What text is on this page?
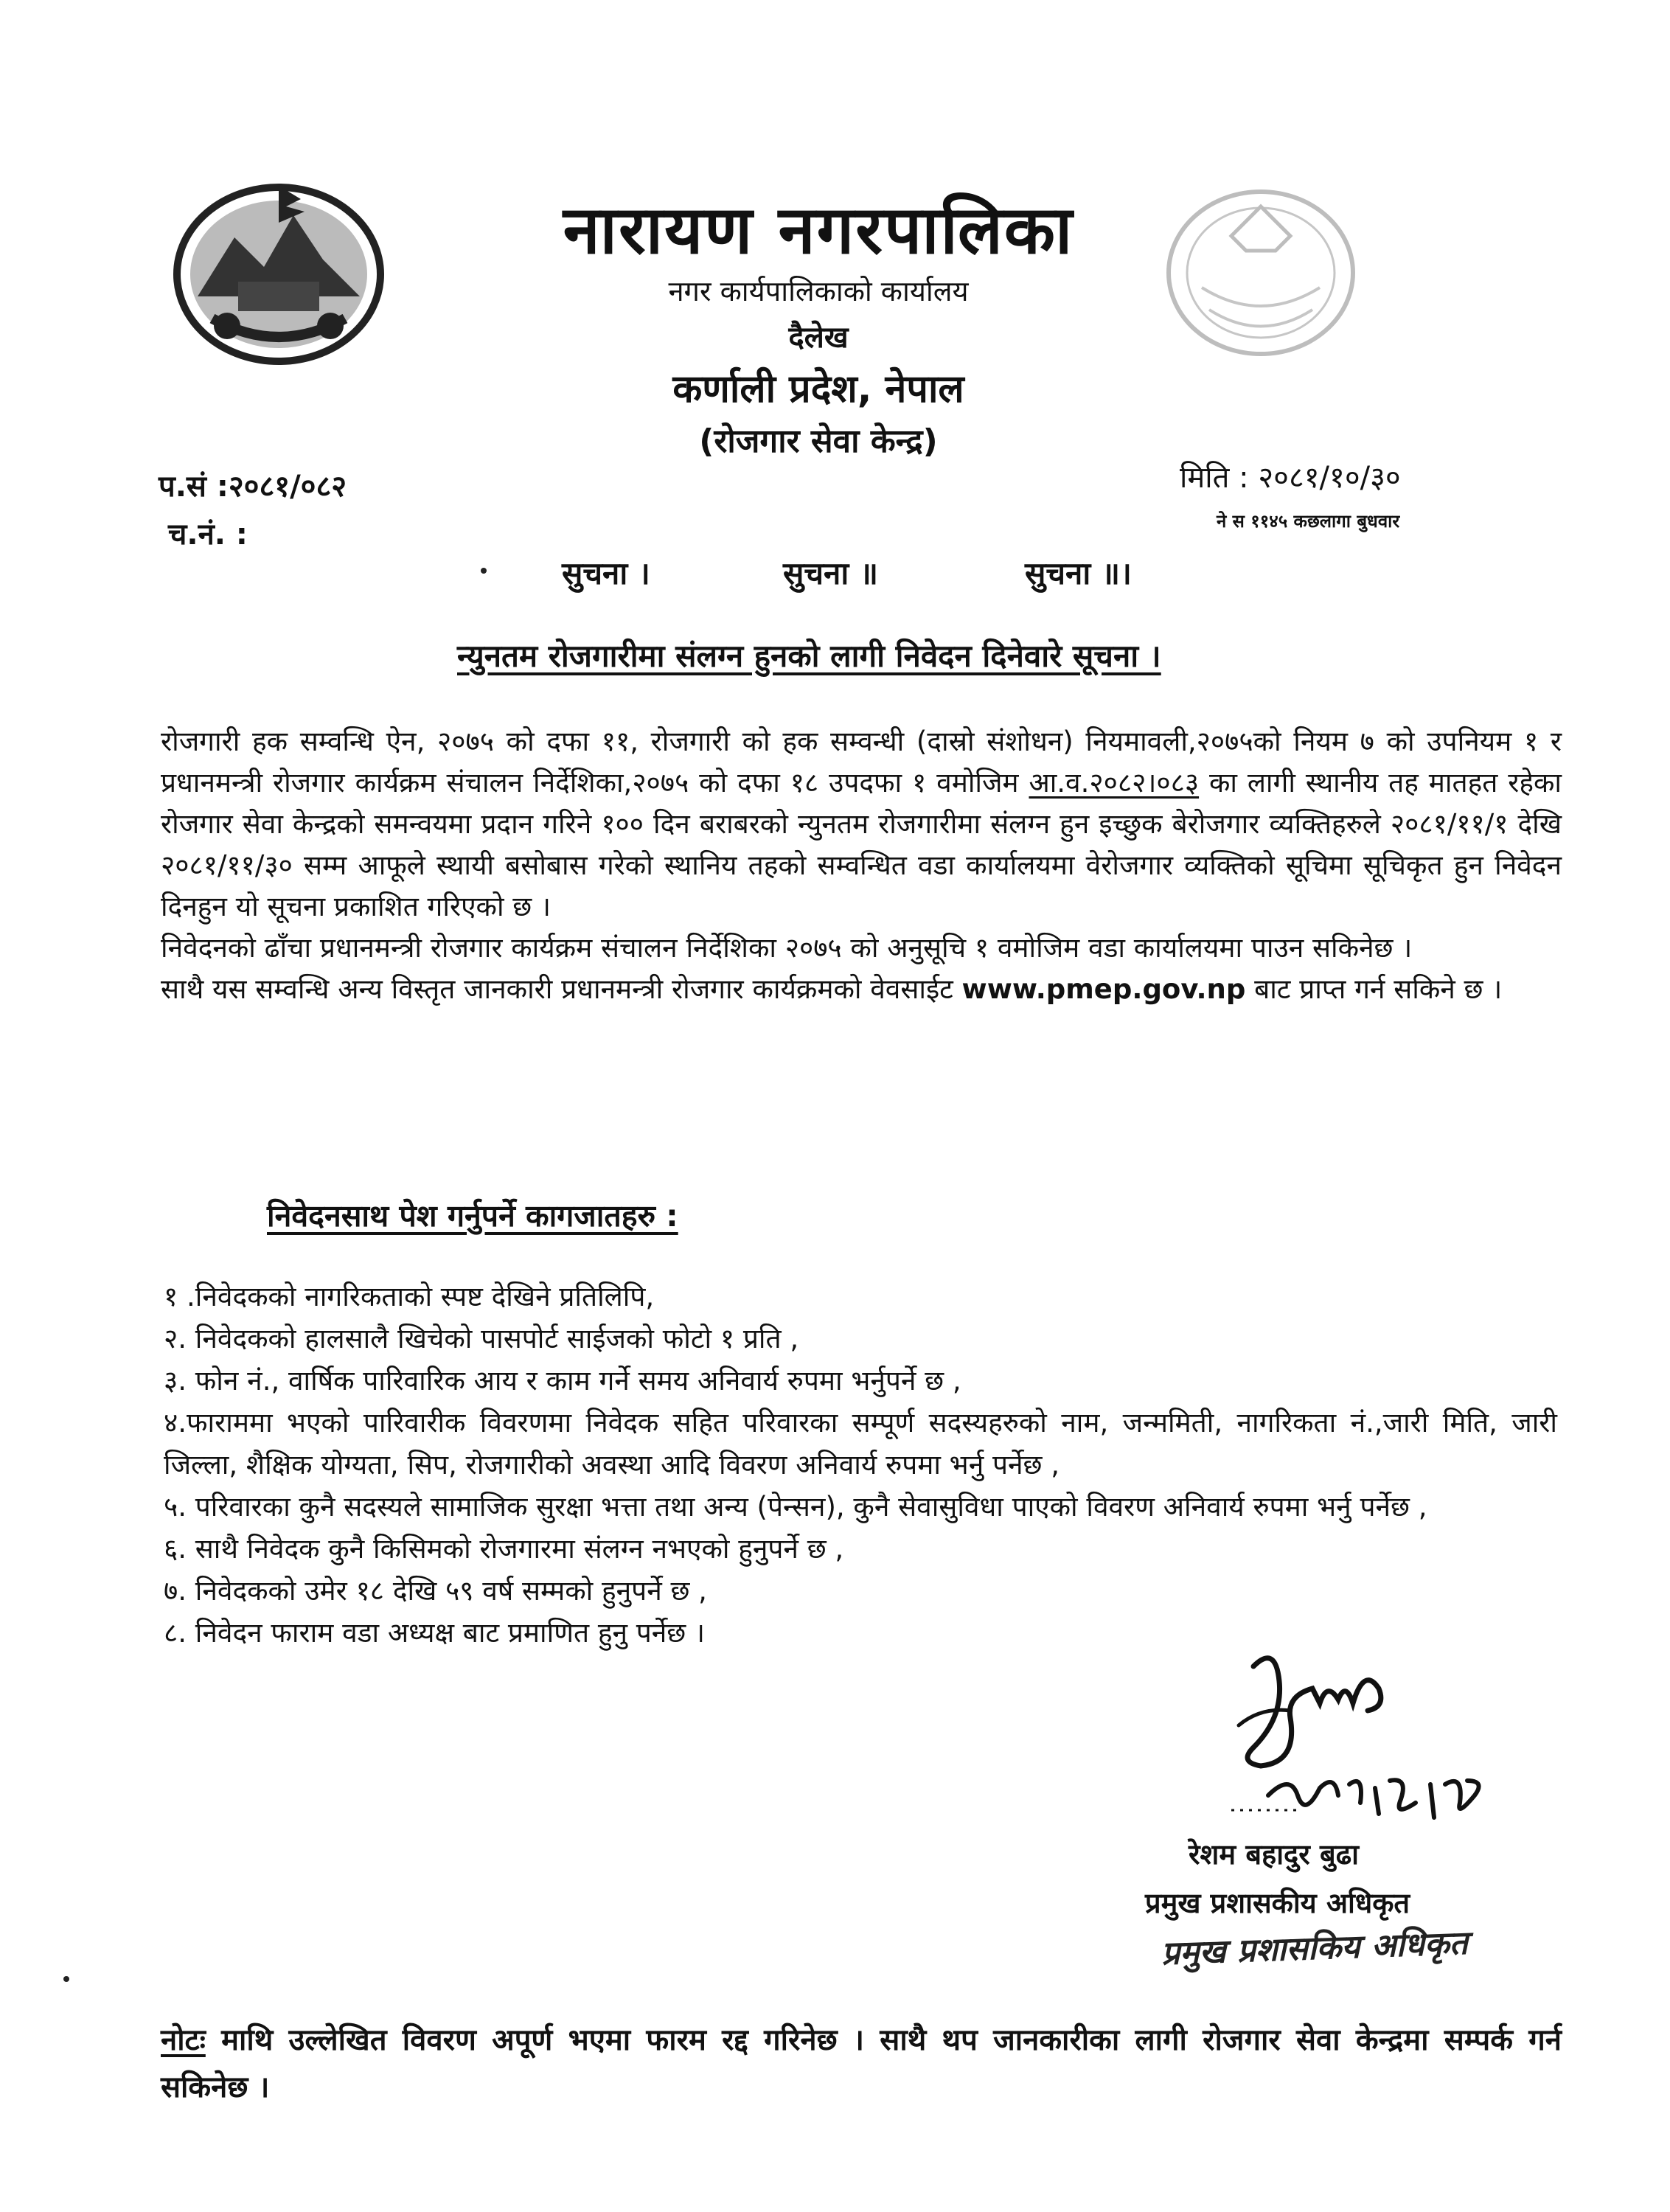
नारायण नगरपालिका
नगर कार्यपालिकाको कार्यालय
दैलेख
कर्णाली प्रदेश, नेपाल
(रोजगार सेवा केन्द्र)
प.सं :२०८१/०८२
च.नं. :
मिति : २०८१/१०/३०
ने स ११४५ कछलागा बुधवार
सुचना ।	सुचना ॥	सुचना ॥।
न्युनतम रोजगारीमा संलग्न हुनको लागी निवेदन दिनेवारे सूचना ।

रोजगारी हक सम्वन्धि ऐन, २०७५ को दफा ११, रोजगारी को हक सम्वन्धी (दास्रो संशोधन) नियमावली,२०७५को नियम ७ को उपनियम १ र प्रधानमन्त्री रोजगार कार्यक्रम संचालन निर्देशिका,२०७५ को दफा १८ उपदफा १ वमोजिम आ.व.२०८२।०८३ का लागी स्थानीय तह मातहत रहेका रोजगार सेवा केन्द्रको समन्वयमा प्रदान गरिने १०० दिन बराबरको न्युनतम रोजगारीमा संलग्न हुन इच्छुक बेरोजगार व्यक्तिहरुले २०८१/११/१ देखि २०८१/११/३० सम्म आफूले स्थायी बसोबास गरेको स्थानिय तहको सम्वन्धित वडा कार्यालयमा वेरोजगार व्यक्तिको सूचिमा सूचिकृत हुन निवेदन दिनहुन यो सूचना प्रकाशित गरिएको छ ।

निवेदनको ढाँचा प्रधानमन्त्री रोजगार कार्यक्रम संचालन निर्देशिका २०७५ को अनुसूचि १ वमोजिम वडा कार्यालयमा पाउन सकिनेछ ।

साथै यस सम्वन्धि अन्य विस्तृत जानकारी प्रधानमन्त्री रोजगार कार्यक्रमको वेवसाईट www.pmep.gov.np बाट प्राप्त गर्न सकिने छ ।

निवेदनसाथ पेश गर्नुपर्ने कागजातहरु :
१ .निवेदकको नागरिकताको स्पष्ट देखिने प्रतिलिपि,
२. निवेदकको हालसालै खिचेको पासपोर्ट साईजको फोटो १ प्रति ,
३. फोन नं., वार्षिक पारिवारिक आय र काम गर्ने समय अनिवार्य रुपमा भर्नुपर्ने छ ,
४.फाराममा भएको पारिवारीक विवरणमा निवेदक सहित परिवारका सम्पूर्ण सदस्यहरुको नाम, जन्ममिती, नागरिकता नं.,जारी मिति, जारी जिल्ला, शैक्षिक योग्यता, सिप, रोजगारीको अवस्था आदि विवरण अनिवार्य रुपमा भर्नु पर्नेछ ,
५. परिवारका कुनै सदस्यले सामाजिक सुरक्षा भत्ता तथा अन्य (पेन्सन), कुनै सेवासुविधा पाएको विवरण अनिवार्य रुपमा भर्नु पर्नेछ ,
६. साथै निवेदक कुनै किसिमको रोजगारमा संलग्न नभएको हुनुपर्ने छ ,
७. निवेदकको उमेर १८ देखि ५९ वर्ष सम्मको हुनुपर्ने छ ,
८. निवेदन फाराम वडा अध्यक्ष बाट प्रमाणित हुनु पर्नेछ ।
रेशम बहादुर बुढा
प्रमुख प्रशासकीय अधिकृत
प्रमुख प्रशासकिय अधिकृत
नोटः माथि उल्लेखित विवरण अपूर्ण भएमा फारम रद्द गरिनेछ । साथै थप जानकारीका लागी रोजगार सेवा केन्द्रमा सम्पर्क गर्न सकिनेछ ।
